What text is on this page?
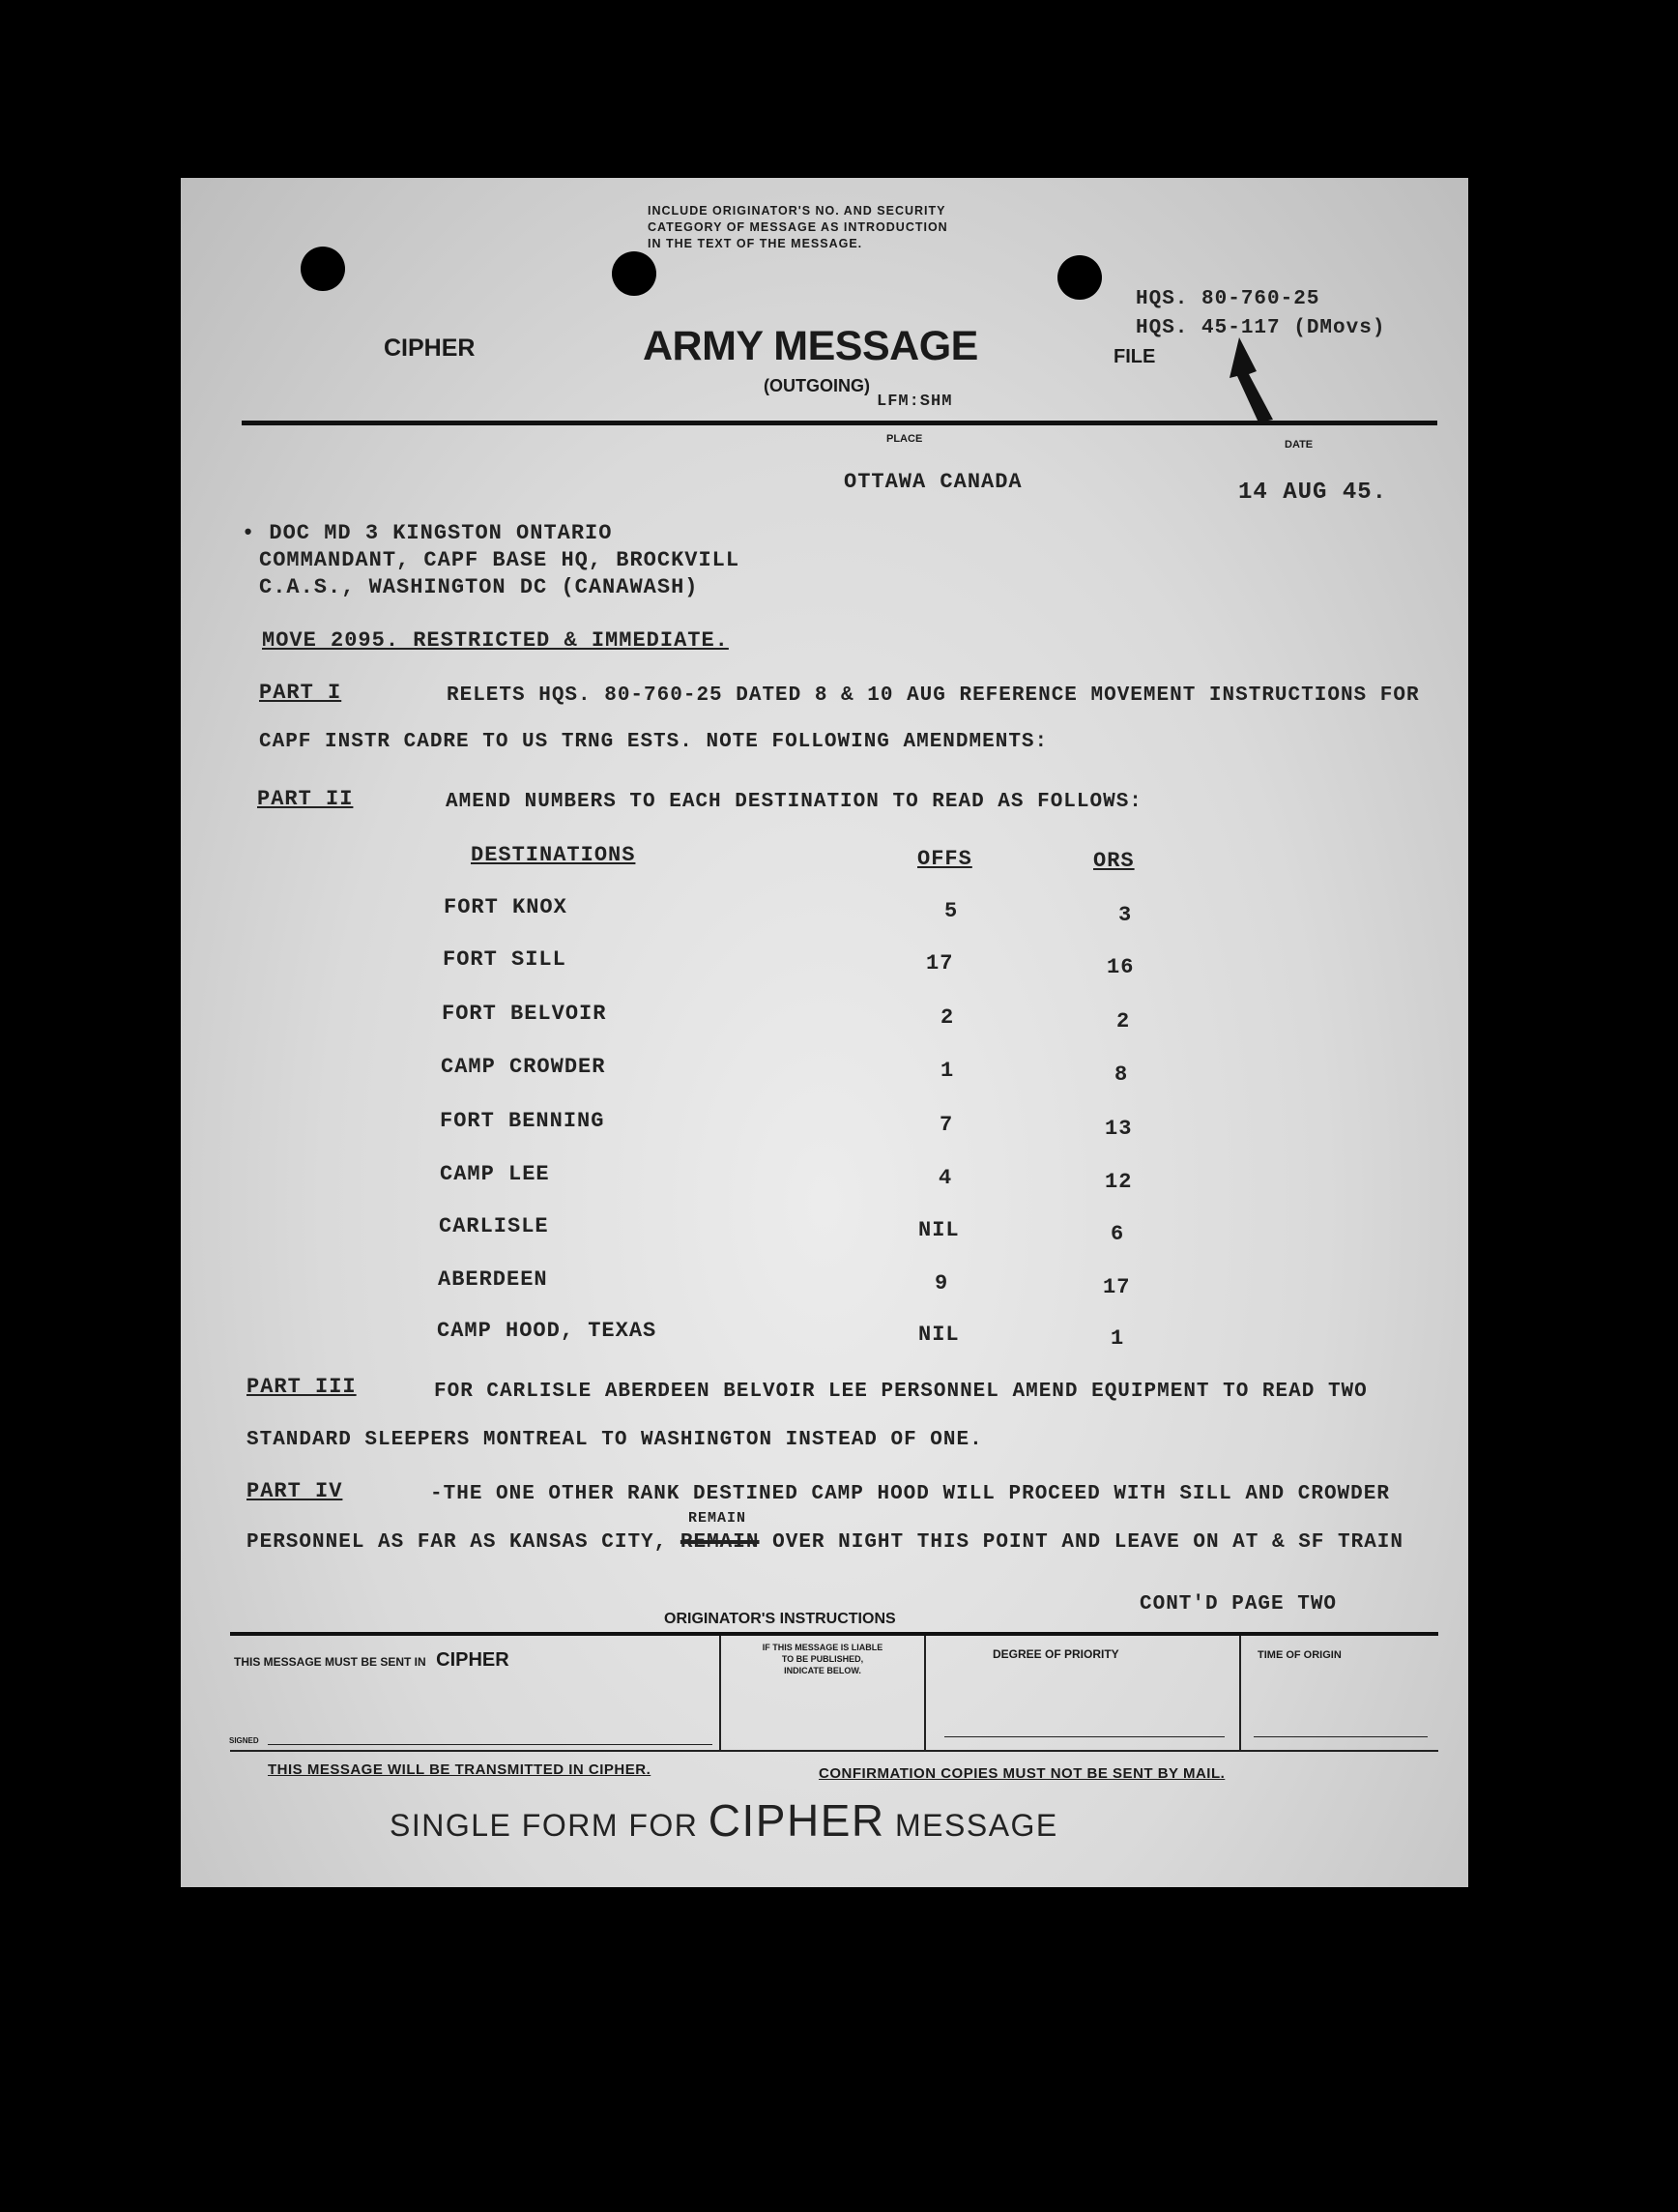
INCLUDE ORIGINATOR'S NO. AND SECURITY
CATEGORY OF MESSAGE AS INTRODUCTION
IN THE TEXT OF THE MESSAGE.
HQS. 80-760-25
HQS. 45-117 (DMovs)
CIPHER	ARMY MESSAGE	FILE
(OUTGOING)
LFM:SHM
PLACE	DATE
OTTAWA CANADA	14 AUG 45.
• DOC MD 3 KINGSTON ONTARIO
COMMANDANT, CAPF BASE HQ, BROCKVILL
C.A.S., WASHINGTON DC (CANAWASH)
MOVE 2095. RESTRICTED & IMMEDIATE.
PART I	RELETS HQS. 80-760-25 DATED 8 & 10 AUG REFERENCE MOVEMENT INSTRUCTIONS FOR
CAPF INSTR CADRE TO US TRNG ESTS. NOTE FOLLOWING AMENDMENTS:
PART II	AMEND NUMBERS TO EACH DESTINATION TO READ AS FOLLOWS:
DESTINATIONS	OFFS	ORS
FORT KNOX	5	3
FORT SILL	17	16
FORT BELVOIR	2	2
CAMP CROWDER	1	8
FORT BENNING	7	13
CAMP LEE	4	12
CARLISLE	NIL	6
ABERDEEN	9	17
CAMP HOOD, TEXAS	NIL	1
PART III	FOR CARLISLE ABERDEEN BELVOIR LEE PERSONNEL AMEND EQUIPMENT TO READ TWO
STANDARD SLEEPERS MONTREAL TO WASHINGTON INSTEAD OF ONE.
PART IV	-THE ONE OTHER RANK DESTINED CAMP HOOD WILL PROCEED WITH SILL AND CROWDER
REMAIN
PERSONNEL AS FAR AS KANSAS CITY, REMAIN OVER NIGHT THIS POINT AND LEAVE ON AT & SF TRAIN
CONT'D PAGE TWO
ORIGINATOR'S INSTRUCTIONS
THIS MESSAGE MUST BE SENT IN CIPHER
IF THIS MESSAGE IS LIABLE
TO BE PUBLISHED,
INDICATE BELOW.
DEGREE OF PRIORITY	TIME OF ORIGIN
SIGNED
THIS MESSAGE WILL BE TRANSMITTED IN CIPHER.	CONFIRMATION COPIES MUST NOT BE SENT BY MAIL.
SINGLE FORM FOR CIPHER MESSAGE
